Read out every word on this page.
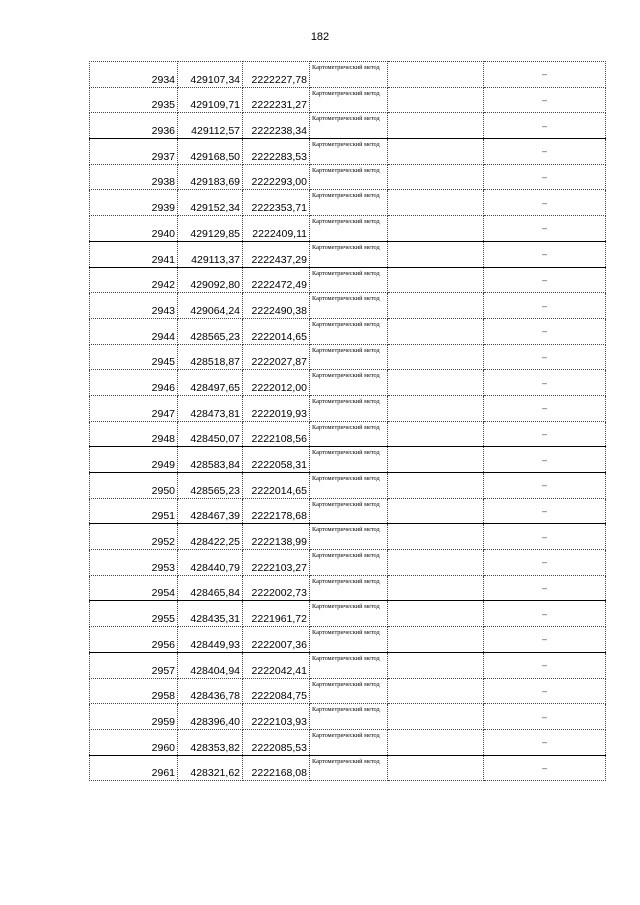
182
2934	429107,34	2222227,78	Картометрический метод		–
2935	429109,71	2222231,27	Картометрический метод		–
2936	429112,57	2222238,34	Картометрический метод		–
2937	429168,50	2222283,53	Картометрический метод		–
2938	429183,69	2222293,00	Картометрический метод		–
2939	429152,34	2222353,71	Картометрический метод		–
2940	429129,85	2222409,11	Картометрический метод		–
2941	429113,37	2222437,29	Картометрический метод		–
2942	429092,80	2222472,49	Картометрический метод		–
2943	429064,24	2222490,38	Картометрический метод		–
2944	428565,23	2222014,65	Картометрический метод		–
2945	428518,87	2222027,87	Картометрический метод		–
2946	428497,65	2222012,00	Картометрический метод		–
2947	428473,81	2222019,93	Картометрический метод		–
2948	428450,07	2222108,56	Картометрический метод		–
2949	428583,84	2222058,31	Картометрический метод		–
2950	428565,23	2222014,65	Картометрический метод		–
2951	428467,39	2222178,68	Картометрический метод		–
2952	428422,25	2222138,99	Картометрический метод		–
2953	428440,79	2222103,27	Картометрический метод		–
2954	428465,84	2222002,73	Картометрический метод		–
2955	428435,31	2221961,72	Картометрический метод		–
2956	428449,93	2222007,36	Картометрический метод		–
2957	428404,94	2222042,41	Картометрический метод		–
2958	428436,78	2222084,75	Картометрический метод		–
2959	428396,40	2222103,93	Картометрический метод		–
2960	428353,82	2222085,53	Картометрический метод		–
2961	428321,62	2222168,08	Картометрический метод		–
